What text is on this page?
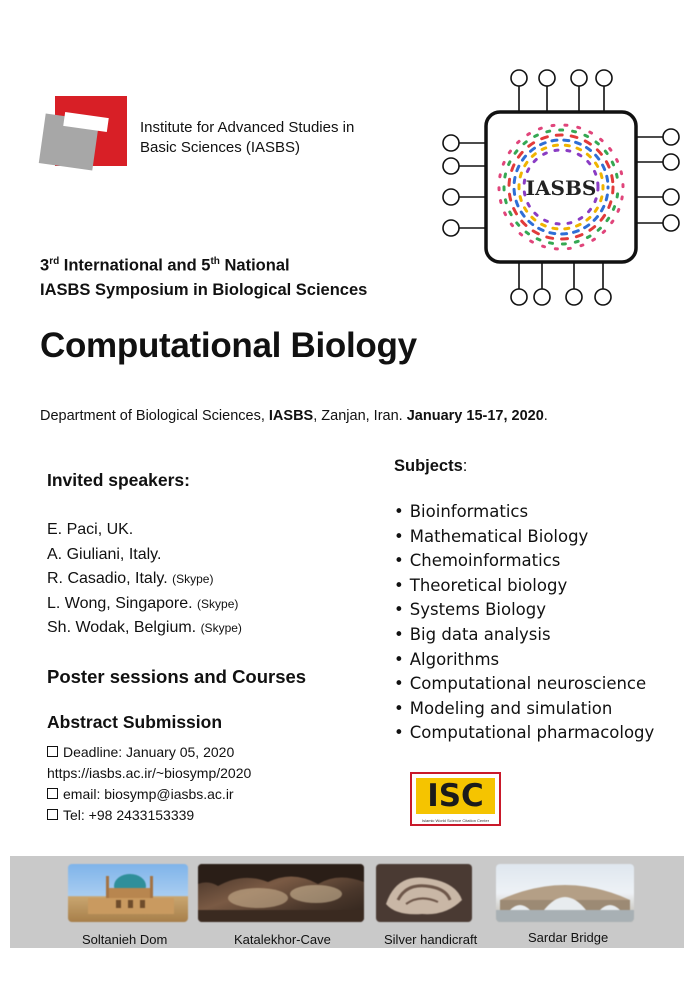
Institute for Advanced Studies in
Basic Sciences (IASBS)
IASBS
3rd International and 5th National
IASBS Symposium in Biological Sciences
Computational Biology
Department of Biological Sciences, IASBS, Zanjan, Iran. January 15-17, 2020.
Invited speakers:
E. Paci, UK.
A. Giuliani, Italy.
R. Casadio, Italy. (Skype)
L. Wong, Singapore. (Skype)
Sh. Wodak, Belgium. (Skype)
Poster sessions and Courses
Abstract Submission
Deadline: January 05, 2020
https://iasbs.ac.ir/~biosymp/2020
email: biosymp@iasbs.ac.ir
Tel: +98 2433153339
Subjects:
• Bioinformatics
• Mathematical Biology
• Chemoinformatics
• Theoretical biology
• Systems Biology
• Big data analysis
• Algorithms
• Computational neuroscience
• Modeling and simulation
• Computational pharmacology
ISC
Islamic World Science Citation Center
Soltanieh Dom	Katalekhor-Cave	Silver handicraft	Sardar Bridge
